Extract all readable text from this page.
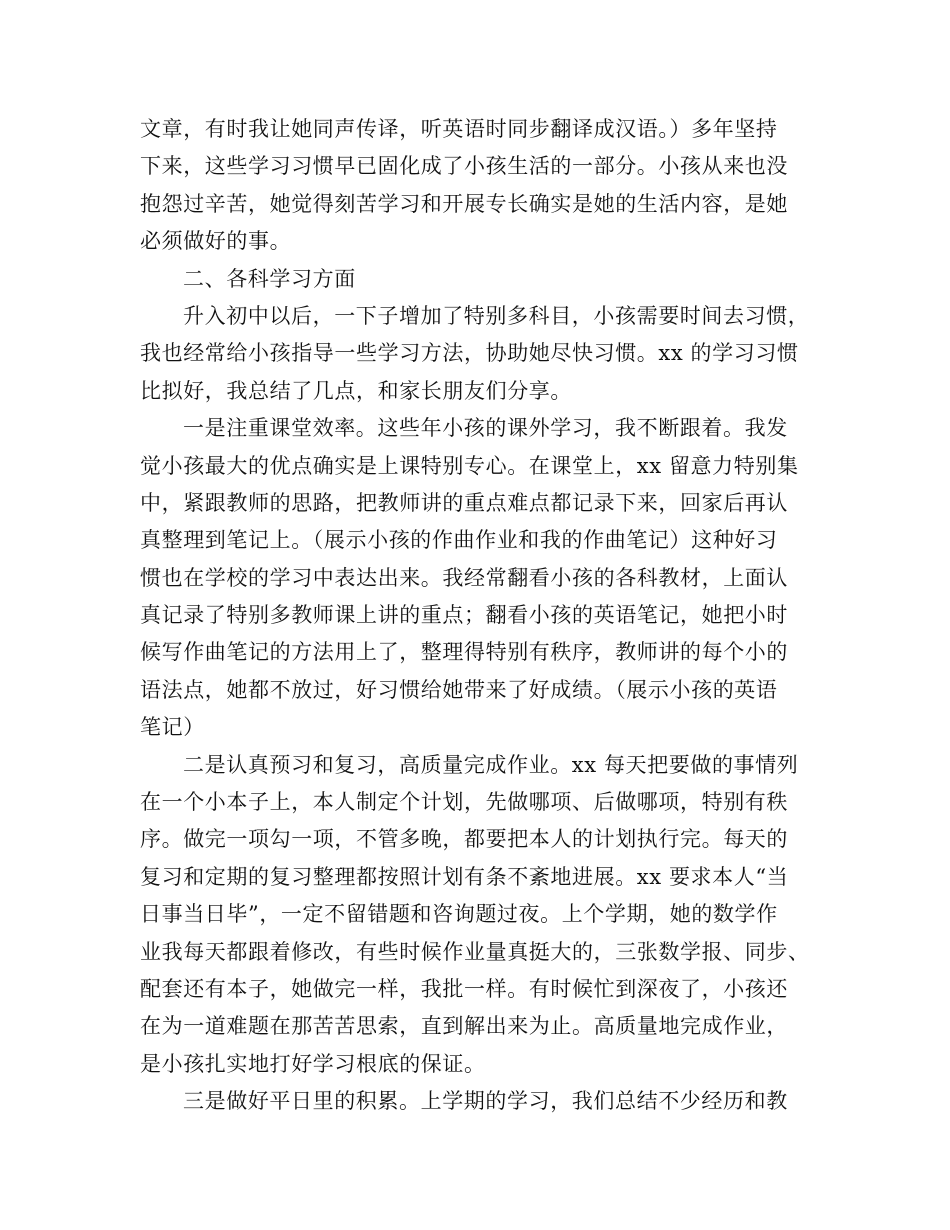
文章，有时我让她同声传译，听英语时同步翻译成汉语。）多年坚持
下来，这些学习习惯早已固化成了小孩生活的一部分。小孩从来也没
抱怨过辛苦，她觉得刻苦学习和开展专长确实是她的生活内容，是她
必须做好的事。
二、各科学习方面
升入初中以后，一下子增加了特别多科目，小孩需要时间去习惯，
我也经常给小孩指导一些学习方法，协助她尽快习惯。xx 的学习习惯
比拟好，我总结了几点，和家长朋友们分享。
一是注重课堂效率。这些年小孩的课外学习，我不断跟着。我发
觉小孩最大的优点确实是上课特别专心。在课堂上，xx 留意力特别集
中，紧跟教师的思路，把教师讲的重点难点都记录下来，回家后再认
真整理到笔记上。（展示小孩的作曲作业和我的作曲笔记）这种好习
惯也在学校的学习中表达出来。我经常翻看小孩的各科教材，上面认
真记录了特别多教师课上讲的重点；翻看小孩的英语笔记，她把小时
候写作曲笔记的方法用上了，整理得特别有秩序，教师讲的每个小的
语法点，她都不放过，好习惯给她带来了好成绩。（展示小孩的英语
笔记）
二是认真预习和复习，高质量完成作业。xx 每天把要做的事情列
在一个小本子上，本人制定个计划，先做哪项、后做哪项，特别有秩
序。做完一项勾一项，不管多晚，都要把本人的计划执行完。每天的
复习和定期的复习整理都按照计划有条不紊地进展。xx 要求本人“当
日事当日毕”，一定不留错题和咨询题过夜。上个学期，她的数学作
业我每天都跟着修改，有些时候作业量真挺大的，三张数学报、同步、
配套还有本子，她做完一样，我批一样。有时候忙到深夜了，小孩还
在为一道难题在那苦苦思索，直到解出来为止。高质量地完成作业，
是小孩扎实地打好学习根底的保证。
三是做好平日里的积累。上学期的学习，我们总结不少经历和教
